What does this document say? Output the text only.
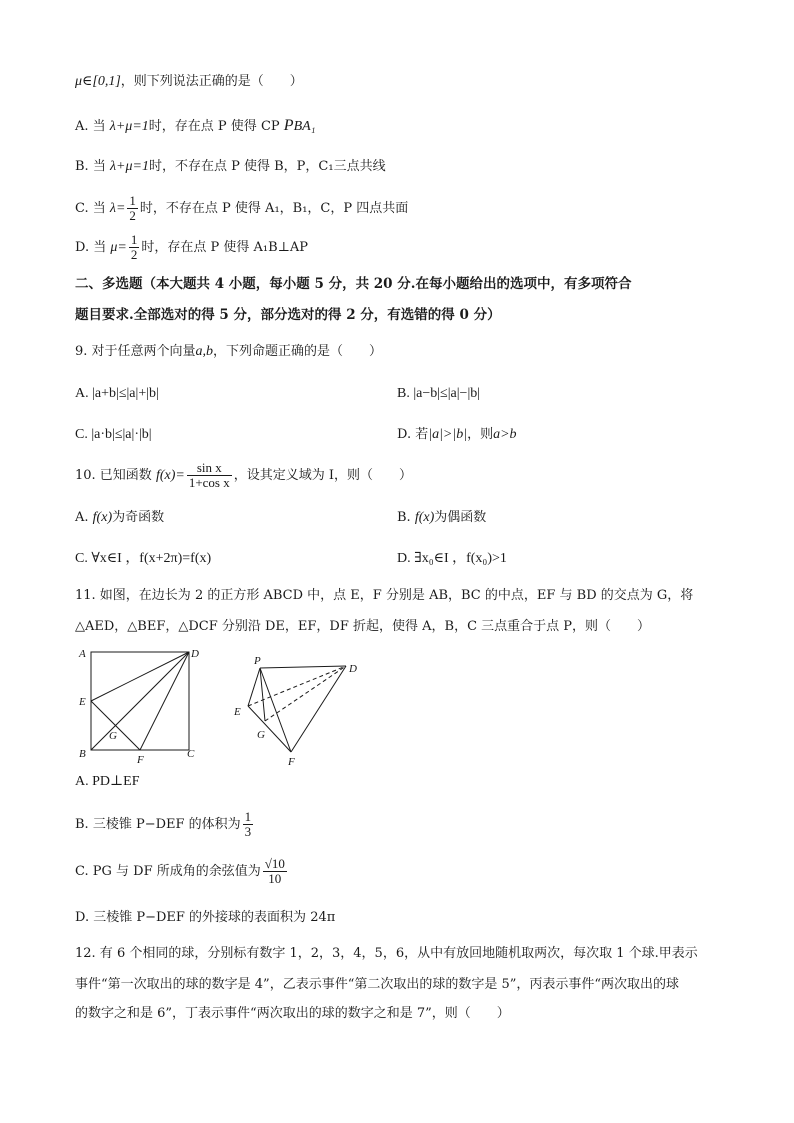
μ∈[0,1]，则下列说法正确的是（　　）
A. 当 λ+μ=1时，存在点 P 使得 CP PBA₁
B. 当 λ+μ=1时，不存在点 P 使得 B，P，C₁三点共线
C. 当 $\lambda= \frac{1}{2}$ 时，不存在点 P 使得 A₁，B₁，C，P 四点共面
D. 当 $\mu= \frac{1}{2}$ 时，存在点 P 使得 A₁B⊥AP
二、多选题（本大题共 4 小题，每小题 5 分，共 20 分.在每小题给出的选项中，有多项符合
题目要求.全部选对的得 5 分，部分选对的得 2 分，有选错的得 0 分）
9. 对于任意两个向量a,b，下列命题正确的是（　　）
A. |a+b|≤|a|+|b|	B. |a−b|≤|a|−|b|
C. |a·b|≤|a|·|b|	D. 若|a|>|b|，则a>b
10. 已知函数 $f(x)= \frac{\text{sin x}}{\text{1+cos x}}$ ，设其定义域为 I，则（　　）
A. f(x)为奇函数	B. f(x)为偶函数
C. ∀x∈I ，f(x+2π)=f(x)	D. ∃x₀∈I ，f(x₀)>1
11. 如图，在边长为 2 的正方形 ABCD 中，点 E，F 分别是 AB，BC 的中点，EF 与 BD 的交点为 G，将
△AED，△BEF，△DCF 分别沿 DE，EF，DF 折起，使得 A，B，C 三点重合于点 P，则（　　）
A	D
E
G
B	F	C
P
D
E
G
F
A. PD⊥EF
B. 三棱锥 P−DEF 的体积为 $\frac{1}{3}$
C. PG 与 DF 所成角的余弦值为 $\frac{√10}{10}$
D. 三棱锥 P−DEF 的外接球的表面积为 24π
12. 有 6 个相同的球，分别标有数字 1，2，3，4，5，6，从中有放回地随机取两次，每次取 1 个球.甲表示
事件“第一次取出的球的数字是 4”，乙表示事件“第二次取出的球的数字是 5”，丙表示事件“两次取出的球
的数字之和是 6”，丁表示事件“两次取出的球的数字之和是 7”，则（　　）
